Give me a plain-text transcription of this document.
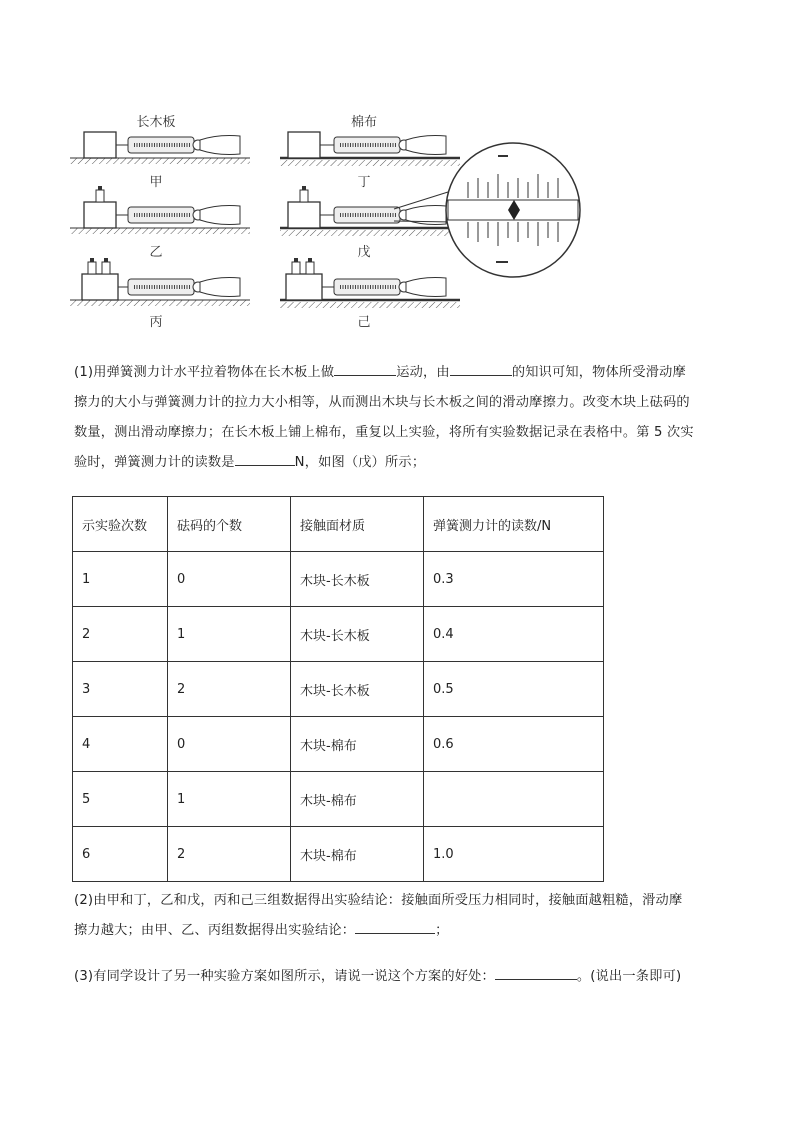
长木板	棉布
甲	丁
乙	戊
丙	己
(1)用弹簧测力计水平拉着物体在长木板上做	运动，由	的知识可知，物体所受滑动摩
擦力的大小与弹簧测力计的拉力大小相等，从而测出木块与长木板之间的滑动摩擦力。改变木块上砝码的
数量，测出滑动摩擦力；在长木板上铺上棉布，重复以上实验，将所有实验数据记录在表格中。第 5 次实
验时，弹簧测力计的读数是	N，如图（戊）所示；
示实验次数	砝码的个数	接触面材质	弹簧测力计的读数/N
1	0	木块-长木板	0.3
2	1	木块-长木板	0.4
3	2	木块-长木板	0.5
4	0	木块-棉布	0.6
5	1	木块-棉布	
6	2	木块-棉布	1.0
(2)由甲和丁，乙和戊，丙和己三组数据得出实验结论：接触面所受压力相同时，接触面越粗糙，滑动摩
擦力越大；由甲、乙、丙组数据得出实验结论：	；
(3)有同学设计了另一种实验方案如图所示，请说一说这个方案的好处：	。(说出一条即可)
